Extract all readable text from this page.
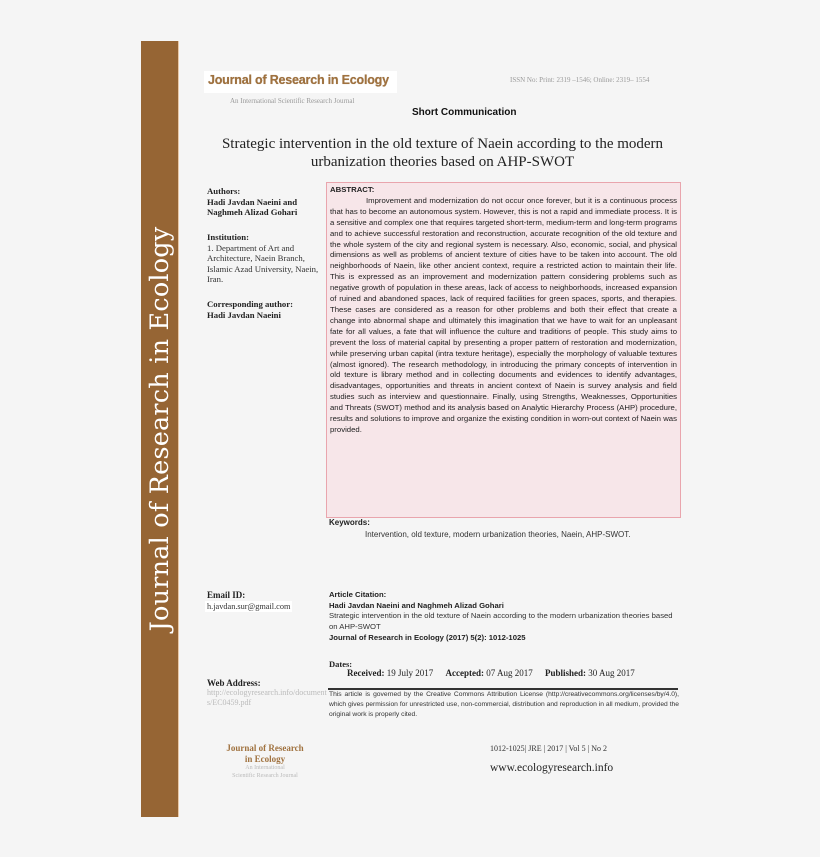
Journal of Research in Ecology
Journal of Research in Ecology
An International Scientific Research Journal
ISSN No: Print: 2319 –1546; Online: 2319– 1554
Short Communication
Strategic intervention in the old texture of Naein according to the modern urbanization theories based on AHP-SWOT
Authors:
Hadi Javdan Naeini and Naghmeh Alizad Gohari
Institution:
1. Department of Art and Architecture, Naein Branch, Islamic Azad University, Naein, Iran.
Corresponding author:
Hadi Javdan Naeini
ABSTRACT:
Improvement and modernization do not occur once forever, but it is a continuous process that has to become an autonomous system. However, this is not a rapid and immediate process. It is a sensitive and complex one that requires targeted short-term, medium-term and long-term programs and to achieve successful restoration and reconstruction, accurate recognition of the old texture and the whole system of the city and regional system is necessary. Also, economic, social, and physical dimensions as well as problems of ancient texture of cities have to be taken into account. The old neighborhoods of Naein, like other ancient context, require a restricted action to maintain their life. This is expressed as an improvement and modernization pattern considering problems such as negative growth of population in these areas, lack of access to neighborhoods, increased expansion of ruined and abandoned spaces, lack of required facilities for green spaces, sports, and therapies. These cases are considered as a reason for other problems and both their effect that create a change into abnormal shape and ultimately this imagination that we have to wait for an unpleasant fate for all values, a fate that will influence the culture and traditions of people. This study aims to prevent the loss of material capital by presenting a proper pattern of restoration and modernization, while preserving urban capital (intra texture heritage), especially the morphology of valuable textures (almost ignored). The research methodology, in introducing the primary concepts of intervention in old texture is library method and in collecting documents and evidences to identify advantages, disadvantages, opportunities and threats in ancient context of Naein is survey analysis and field studies such as interview and questionnaire. Finally, using Strengths, Weaknesses, Opportunities and Threats (SWOT) method and its analysis based on Analytic Hierarchy Process (AHP) procedure, results and solutions to improve and organize the existing condition in worn-out context of Naein was provided.
Keywords:
Intervention, old texture, modern urbanization theories, Naein, AHP-SWOT.
Email ID:
h.javdan.sur@gmail.com
Web Address:
http://ecologyresearch.info/documents/EC0459.pdf
Article Citation:
Hadi Javdan Naeini and Naghmeh Alizad Gohari
Strategic intervention in the old texture of Naein according to the modern urbanization theories based on AHP-SWOT
Journal of Research in Ecology (2017) 5(2): 1012-1025
Dates:
Received: 19 July 2017 Accepted: 07 Aug 2017 Published: 30 Aug 2017
This article is governed by the Creative Commons Attribution License (http://creativecommons.org/licenses/by/4.0), which gives permission for unrestricted use, non-commercial, distribution and reproduction in all medium, provided the original work is properly cited.
Journal of Research
in Ecology
An International
Scientific Research Journal
1012-1025| JRE | 2017 | Vol 5 | No 2
www.ecologyresearch.info
